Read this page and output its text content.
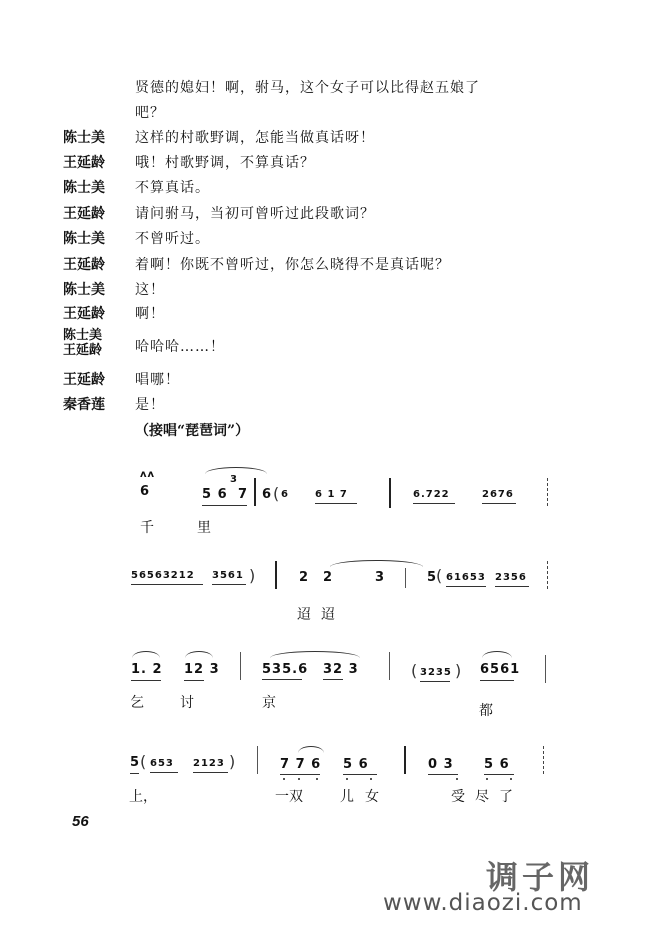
贤德的媳妇！啊，驸马，这个女子可以比得赵五娘了
吧？
陈士美 这样的村歌野调，怎能当做真话呀！
王延龄 哦！村歌野调，不算真话？
陈士美 不算真话。
王延龄 请问驸马，当初可曾听过此段歌词？
陈士美 不曾听过。
王延龄 着啊！你既不曾听过，你怎么晓得不是真话呢？
陈士美 这！
王延龄 啊！
陈士美
王延龄 哈哈哈……！
王延龄 唱哪！
秦香莲 是！
（接唱“琵琶词”）
ʌʌ
6	5 6
3
7 6 ( 6	6 1 7	6.722	2676
千	里
56563212 3561 )	2 2	3	5
( 61653 2356
迢 迢
1. 2 12 3	535.6 32 3	( 3235 ) 6561
乞	讨	京	都
5 ( 653 2123 )	7 7 6 5 6	0 3 5 6
上，	一双	儿 女	受 尽 了
56
调子网
www.diaozi.com
